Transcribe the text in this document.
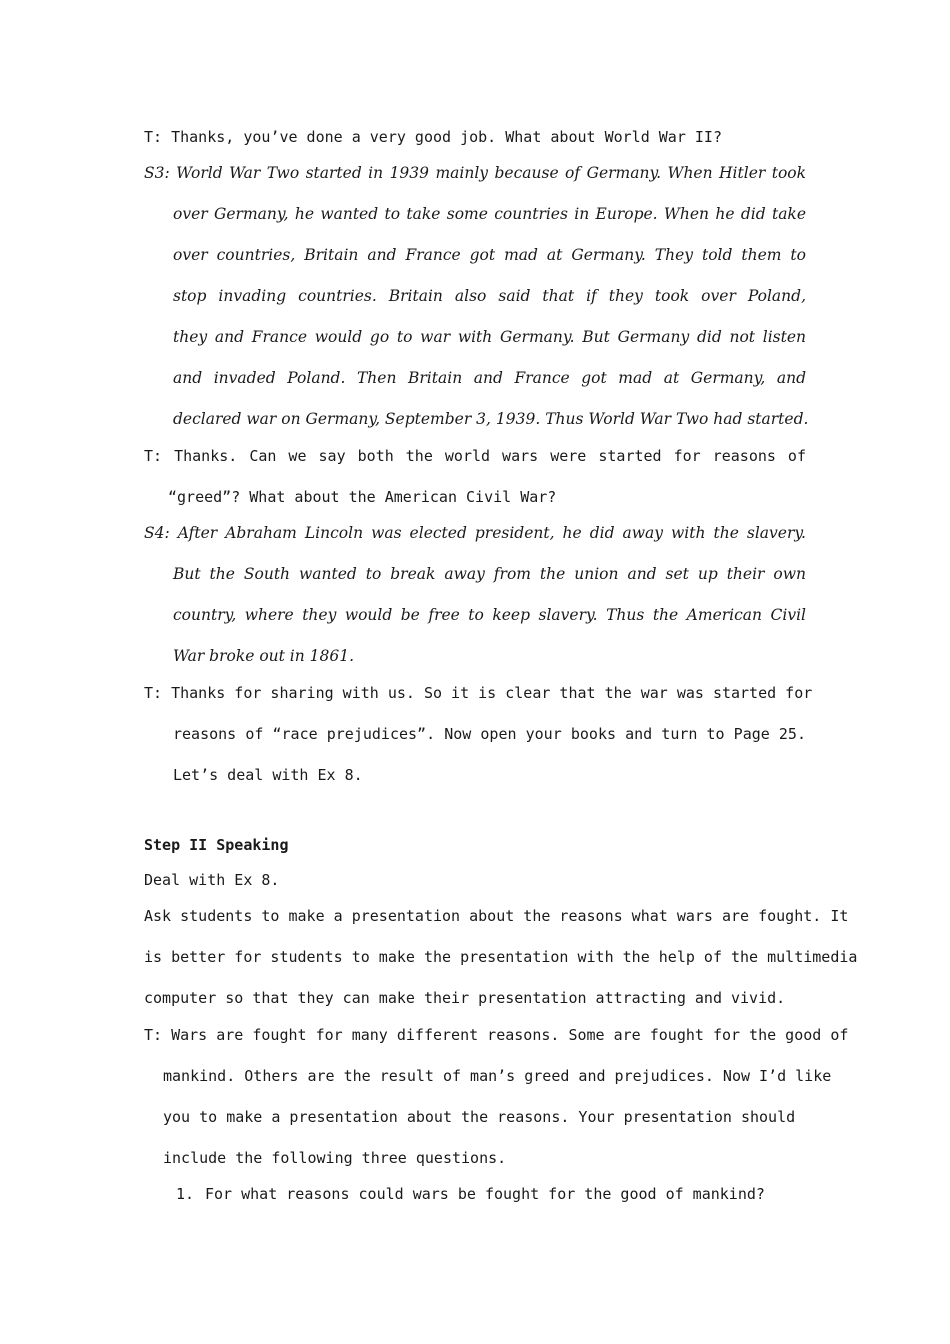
T: Thanks, you’ve done a very good job. What about World War II?

S3: World War Two started in 1939 mainly because of Germany. When Hitler took
over Germany, he wanted to take some countries in Europe. When he did take
over countries, Britain and France got mad at Germany. They told them to
stop invading countries. Britain also said that if they took over Poland,
they and France would go to war with Germany. But Germany did not listen
and invaded Poland. Then Britain and France got mad at Germany, and
declared war on Germany, September 3, 1939. Thus World War Two had started.

T: Thanks. Can we say both the world wars were started for reasons of
“greed”? What about the American Civil War?

S4: After Abraham Lincoln was elected president, he did away with the slavery.
But the South wanted to break away from the union and set up their own
country, where they would be free to keep slavery. Thus the American Civil
War broke out in 1861.

T: Thanks for sharing with us. So it is clear that the war was started for
reasons of “race prejudices”. Now open your books and turn to Page 25.
Let’s deal with Ex 8.

Step II Speaking

Deal with Ex 8.

Ask students to make a presentation about the reasons what wars are fought. It
is better for students to make the presentation with the help of the multimedia
computer so that they can make their presentation attracting and vivid.

T: Wars are fought for many different reasons. Some are fought for the good of
mankind. Others are the result of man’s greed and prejudices. Now I’d like
you to make a presentation about the reasons. Your presentation should
include the following three questions.

1. For what reasons could wars be fought for the good of mankind?
